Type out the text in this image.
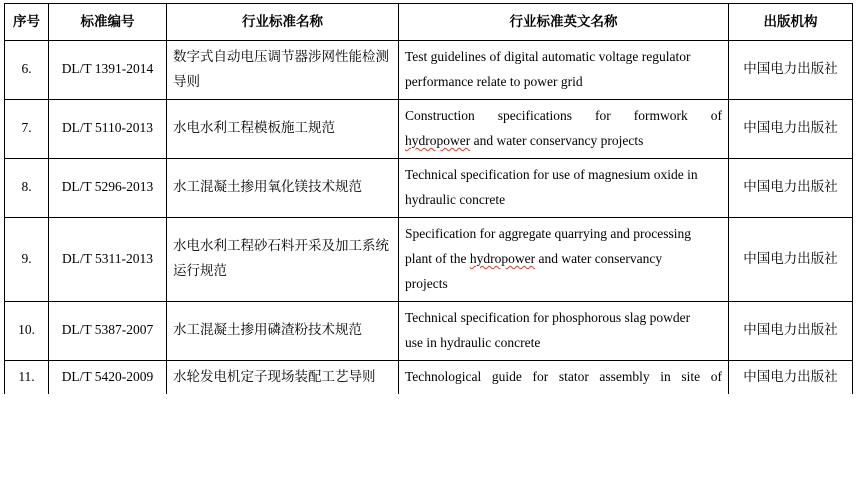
序号	标准编号	行业标准名称	行业标准英文名称	出版机构
6.	DL/T 1391-2014	数字式自动电压调节器涉网性能检测导则	Test guidelines of digital automatic voltage regulator
performance relate to power grid	中国电力出版社
7.	DL/T 5110-2013	水电水利工程模板施工规范	Construction specifications for formwork of
hydropower and water conservancy projects	中国电力出版社
8.	DL/T 5296-2013	水工混凝土掺用氧化镁技术规范	Technical specification for use of magnesium oxide in
hydraulic concrete	中国电力出版社
9.	DL/T 5311-2013	水电水利工程砂石料开采及加工系统运行规范	Specification for aggregate quarrying and processing
plant of the hydropower and water conservancy
projects	中国电力出版社
10.	DL/T 5387-2007	水工混凝土掺用磷渣粉技术规范	Technical specification for phosphorous slag powder
use in hydraulic concrete	中国电力出版社
11.	DL/T 5420-2009	水轮发电机定子现场装配工艺导则	Technological guide for stator assembly in site of	中国电力出版社
